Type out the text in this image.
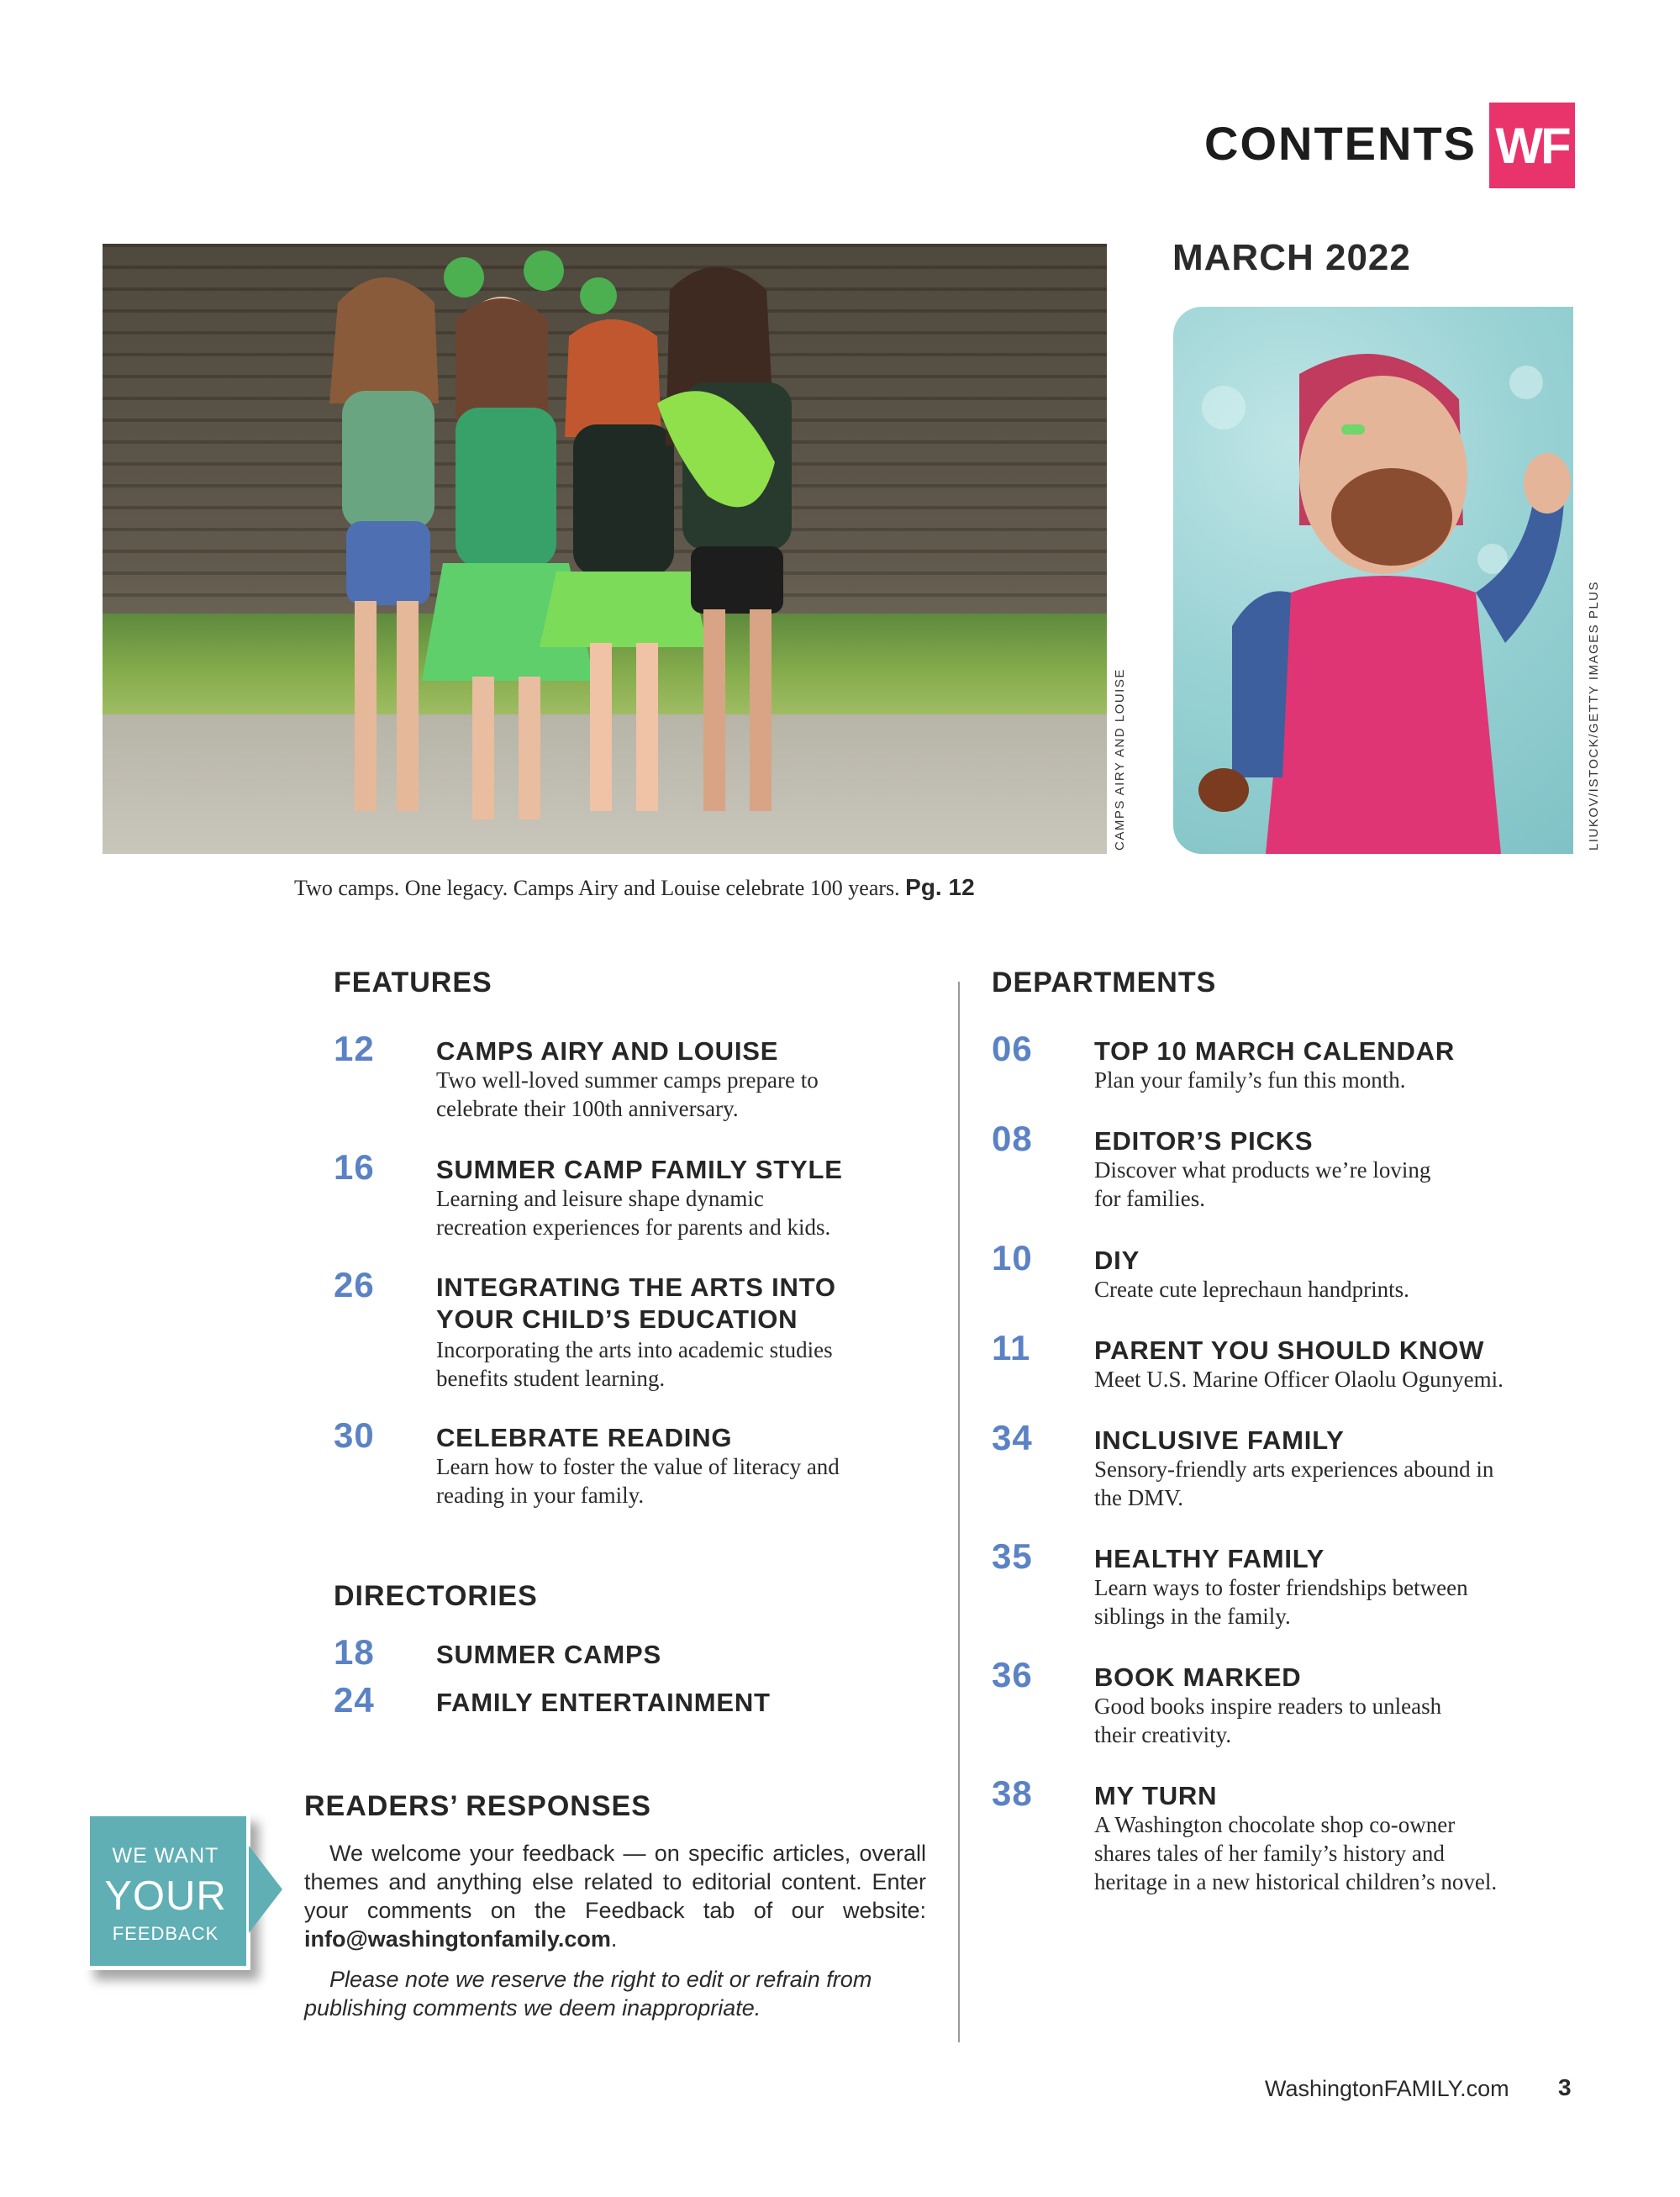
CONTENTS WF
MARCH 2022
CAMPS AIRY AND LOUISE	LIUKOV/ISTOCK/GETTY IMAGES PLUS
Two camps. One legacy. Camps Airy and Louise celebrate 100 years. Pg. 12
FEATURES
12 CAMPS AIRY AND LOUISE
Two well-loved summer camps prepare to
celebrate their 100th anniversary.
16 SUMMER CAMP FAMILY STYLE
Learning and leisure shape dynamic
recreation experiences for parents and kids.
26 INTEGRATING THE ARTS INTO
YOUR CHILD’S EDUCATION
Incorporating the arts into academic studies
benefits student learning.
30 CELEBRATE READING
Learn how to foster the value of literacy and
reading in your family.
DIRECTORIES
18 SUMMER CAMPS
24 FAMILY ENTERTAINMENT
DEPARTMENTS
06 TOP 10 MARCH CALENDAR
Plan your family’s fun this month.
08 EDITOR’S PICKS
Discover what products we’re loving
for families.
10 DIY
Create cute leprechaun handprints.
11 PARENT YOU SHOULD KNOW
Meet U.S. Marine Officer Olaolu Ogunyemi.
34 INCLUSIVE FAMILY
Sensory-friendly arts experiences abound in
the DMV.
35 HEALTHY FAMILY
Learn ways to foster friendships between
siblings in the family.
36 BOOK MARKED
Good books inspire readers to unleash
their creativity.
38 MY TURN
A Washington chocolate shop co-owner
shares tales of her family’s history and
heritage in a new historical children’s novel.
WE WANT
YOUR
FEEDBACK
READERS’ RESPONSES

We welcome your feedback — on specific articles, overall themes and anything else related to editorial content. Enter your comments on the Feedback tab of our website: info@washingtonfamily.com.

Please note we reserve the right to edit or refrain from publishing comments we deem inappropriate.
WashingtonFAMILY.com 3
